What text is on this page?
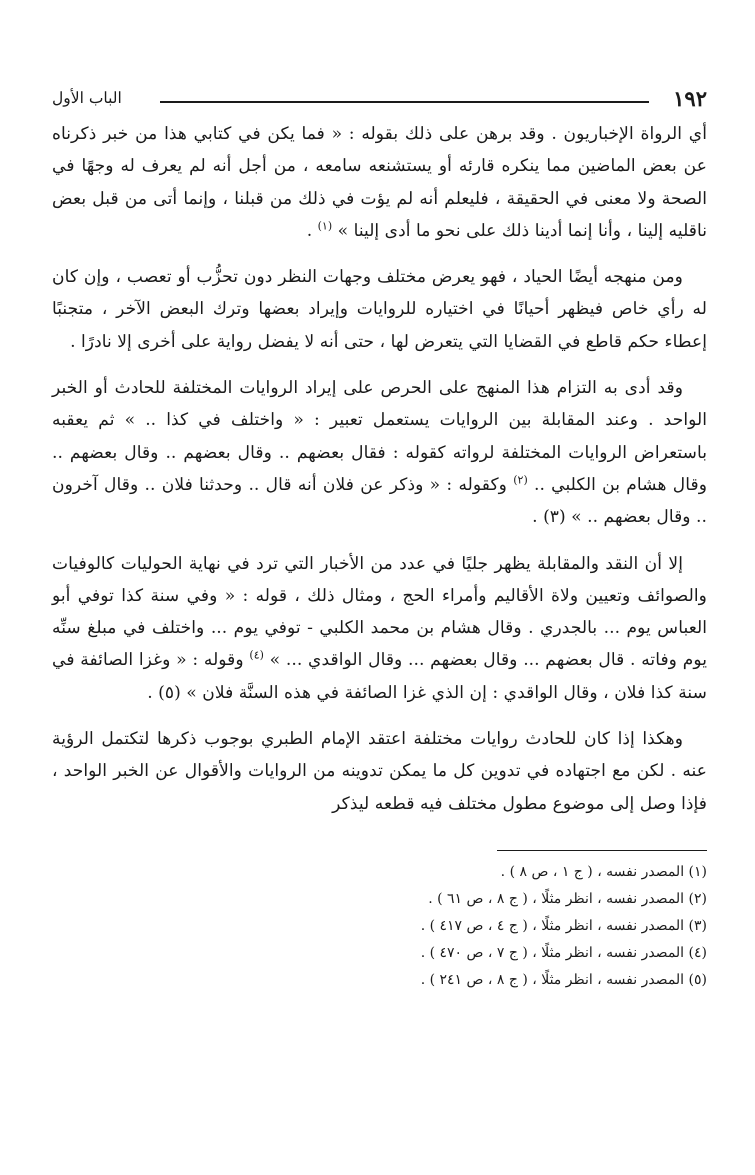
١٩٢
الباب الأول

أي الرواة الإخباريون . وقد برهن على ذلك بقوله : « فما يكن في كتابي هذا من خبر ذكرناه عن بعض الماضين مما ينكره قارئه أو يستشنعه سامعه ، من أجل أنه لم يعرف له وجهًا في الصحة ولا معنى في الحقيقة ، فليعلم أنه لم يؤت في ذلك من قبلنا ، وإنما أتى من قبل بعض ناقليه إلينا ، وأنا إنما أدينا ذلك على نحو ما أدى إلينا » $^{(١)}$ .

ومن منهجه أيضًا الحياد ، فهو يعرض مختلف وجهات النظر دون تحزُّب أو تعصب ، وإن كان له رأي خاص فيظهر أحيانًا في اختياره للروايات وإيراد بعضها وترك البعض الآخر ، متجنبًا إعطاء حكم قاطع في القضايا التي يتعرض لها ، حتى أنه لا يفضل رواية على أخرى إلا نادرًا .

وقد أدى به التزام هذا المنهج على الحرص على إيراد الروايات المختلفة للحادث أو الخبر الواحد . وعند المقابلة بين الروايات يستعمل تعبير : « واختلف في كذا .. » ثم يعقبه باستعراض الروايات المختلفة لرواته كقوله : فقال بعضهم .. وقال بعضهم .. وقال بعضهم .. وقال هشام بن الكلبي .. $^{(٢)}$ وكقوله : « وذكر عن فلان أنه قال .. وحدثنا فلان .. وقال آخرون .. وقال بعضهم .. » (٣) .

إلا أن النقد والمقابلة يظهر جليًا في عدد من الأخبار التي ترد في نهاية الحوليات كالوفيات والصوائف وتعيين ولاة الأقاليم وأمراء الحج ، ومثال ذلك ، قوله : « وفي سنة كذا توفي أبو العباس يوم ... بالجدري . وقال هشام بن محمد الكلبي - توفي يوم ... واختلف في مبلغ سنِّه يوم وفاته . قال بعضهم ... وقال بعضهم ... وقال الواقدي ... » $^{(٤)}$ وقوله : « وغزا الصائفة في سنة كذا فلان ، وقال الواقدي : إن الذي غزا الصائفة في هذه السنَّة فلان » (٥) .

وهكذا إذا كان للحادث روايات مختلفة اعتقد الإمام الطبري بوجوب ذكرها لتكتمل الرؤية عنه . لكن مع اجتهاده في تدوين كل ما يمكن تدوينه من الروايات والأقوال عن الخبر الواحد ، فإذا وصل إلى موضوع مطول مختلف فيه قطعه ليذكر

(١) المصدر نفسه ، ( ج ١ ، ص ٨ ) .
(٢) المصدر نفسه ، انظر مثلًا ، ( ج ٨ ، ص ٦١ ) .
(٣) المصدر نفسه ، انظر مثلًا ، ( ج ٤ ، ص ٤١٧ ) .
(٤) المصدر نفسه ، انظر مثلًا ، ( ج ٧ ، ص ٤٧٠ ) .
(٥) المصدر نفسه ، انظر مثلًا ، ( ج ٨ ، ص ٢٤١ ) .
